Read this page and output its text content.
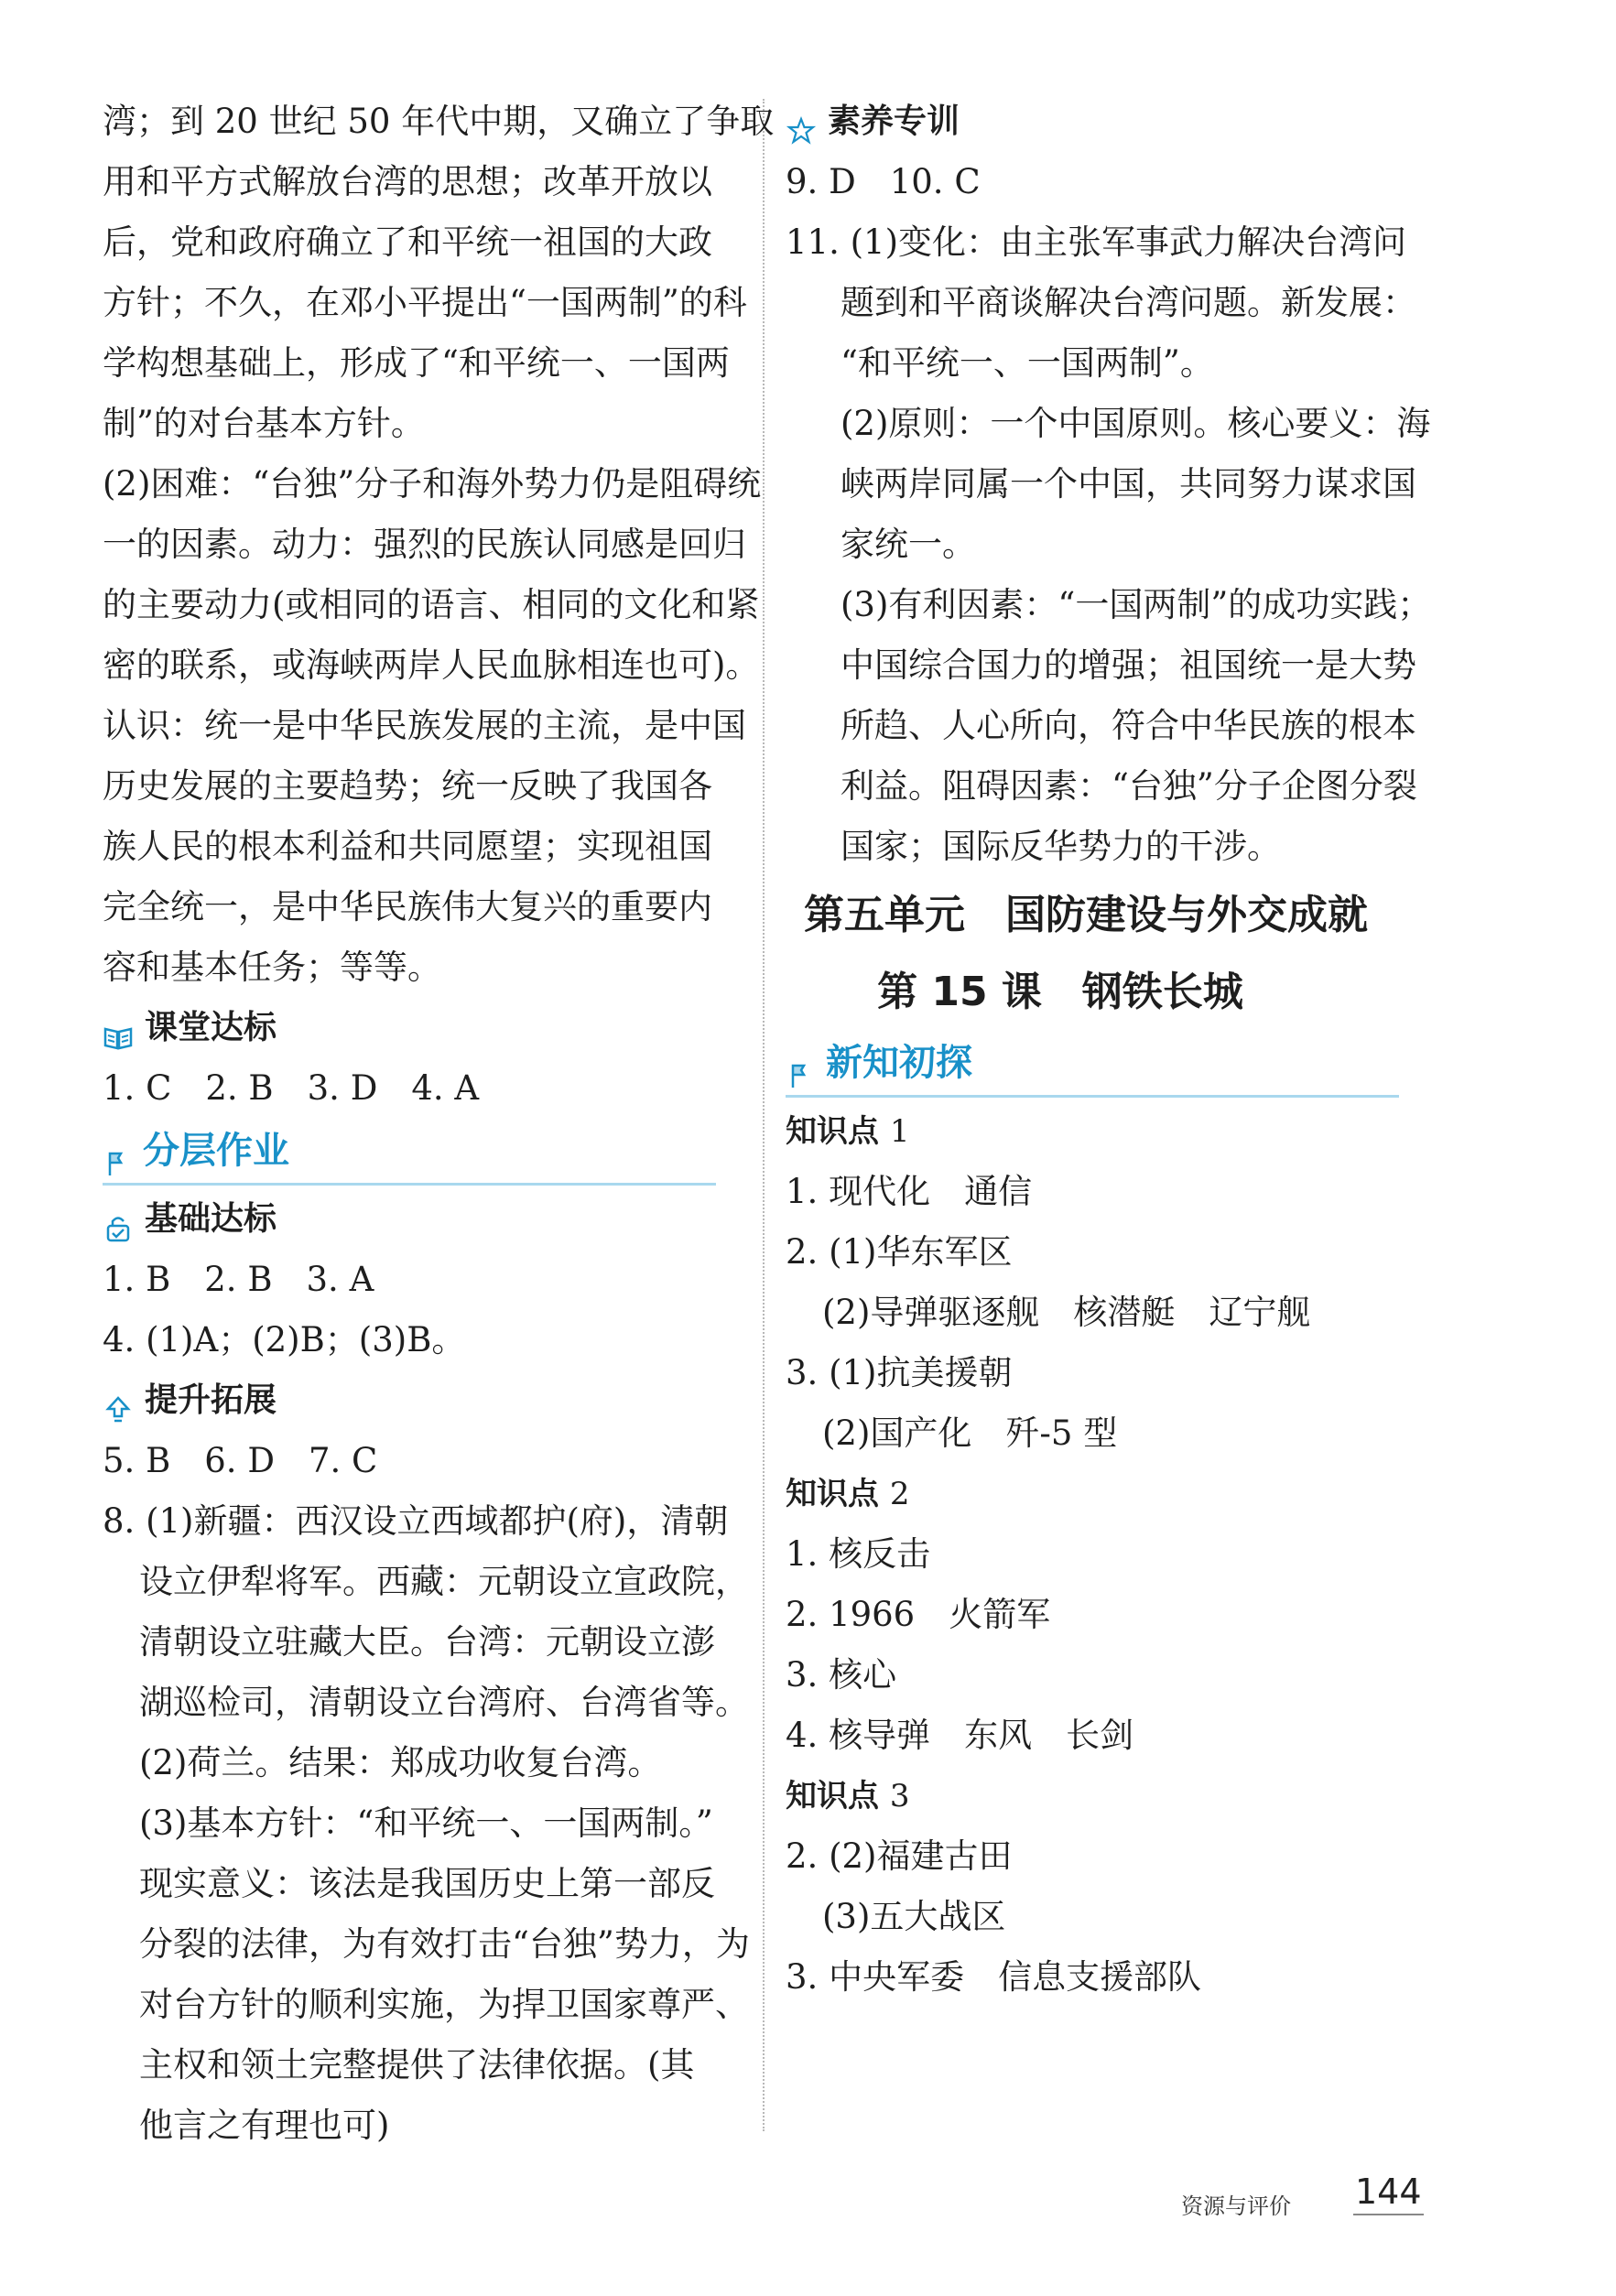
湾；到 20 世纪 50 年代中期，又确立了争取
用和平方式解放台湾的思想；改革开放以
后，党和政府确立了和平统一祖国的大政
方针；不久，在邓小平提出“一国两制”的科
学构想基础上，形成了“和平统一、一国两
制”的对台基本方针。
(2)困难：“台独”分子和海外势力仍是阻碍统
一的因素。动力：强烈的民族认同感是回归
的主要动力(或相同的语言、相同的文化和紧
密的联系，或海峡两岸人民血脉相连也可)。
认识：统一是中华民族发展的主流，是中国
历史发展的主要趋势；统一反映了我国各
族人民的根本利益和共同愿望；实现祖国
完全统一，是中华民族伟大复兴的重要内
容和基本任务；等等。
课堂达标
1. C　2. B　3. D　4. A
分层作业
基础达标
1. B　2. B　3. A
4. (1)A；(2)B；(3)B。
提升拓展
5. B　6. D　7. C
8. (1)新疆：西汉设立西域都护(府)，清朝
设立伊犁将军。西藏：元朝设立宣政院，
清朝设立驻藏大臣。台湾：元朝设立澎
湖巡检司，清朝设立台湾府、台湾省等。
(2)荷兰。结果：郑成功收复台湾。
(3)基本方针：“和平统一、一国两制。”
现实意义：该法是我国历史上第一部反
分裂的法律，为有效打击“台独”势力，为
对台方针的顺利实施，为捍卫国家尊严、
主权和领土完整提供了法律依据。(其
他言之有理也可)
素养专训
9. D　10. C
11. (1)变化：由主张军事武力解决台湾问
题到和平商谈解决台湾问题。新发展：
“和平统一、一国两制”。
(2)原则：一个中国原则。核心要义：海
峡两岸同属一个中国，共同努力谋求国
家统一。
(3)有利因素：“一国两制”的成功实践；
中国综合国力的增强；祖国统一是大势
所趋、人心所向，符合中华民族的根本
利益。阻碍因素：“台独”分子企图分裂
国家；国际反华势力的干涉。
第五单元　国防建设与外交成就
第 15 课　钢铁长城
新知初探
知识点 1
1. 现代化　通信
2. (1)华东军区
(2)导弹驱逐舰　核潜艇　辽宁舰
3. (1)抗美援朝
(2)国产化　歼-5 型
知识点 2
1. 核反击
2. 1966　火箭军
3. 核心
4. 核导弹　东风　长剑
知识点 3
2. (2)福建古田
(3)五大战区
3. 中央军委　信息支援部队
资源与评价 144
